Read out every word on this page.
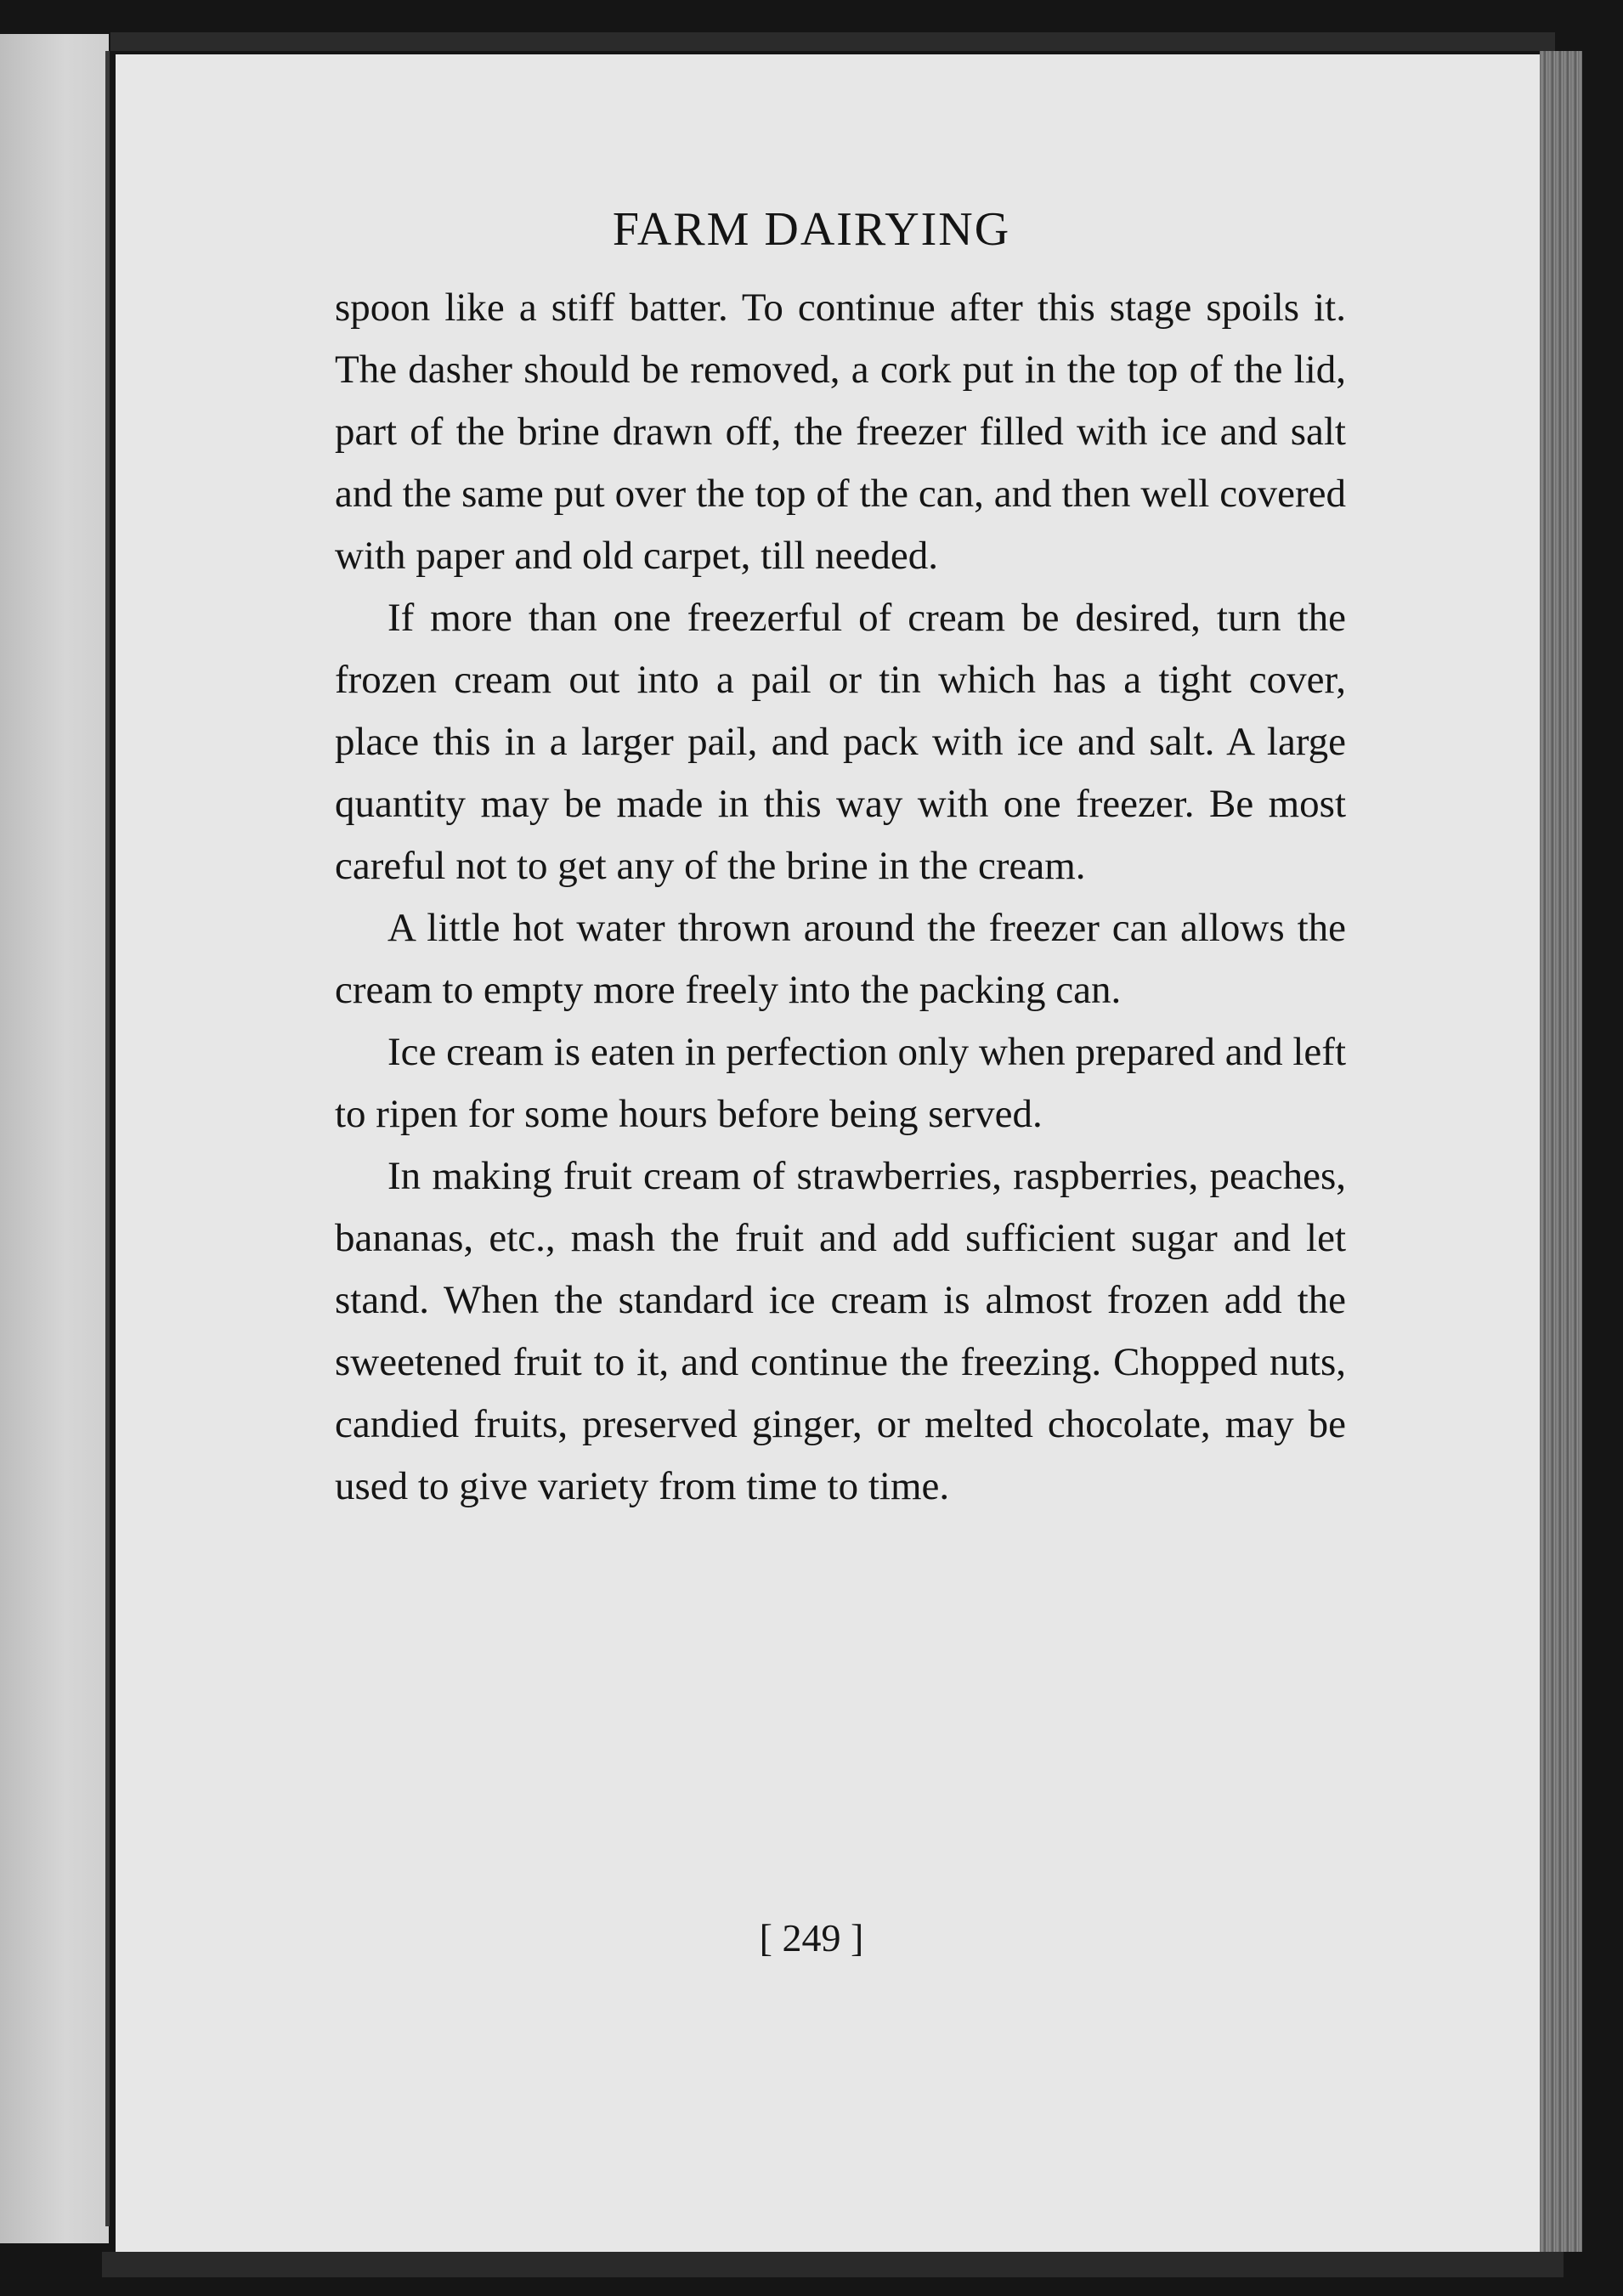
FARM DAIRYING

spoon like a stiff batter. To continue after this stage spoils it. The dasher should be removed, a cork put in the top of the lid, part of the brine drawn off, the freezer filled with ice and salt and the same put over the top of the can, and then well covered with paper and old carpet, till needed.

If more than one freezerful of cream be desired, turn the frozen cream out into a pail or tin which has a tight cover, place this in a larger pail, and pack with ice and salt. A large quantity may be made in this way with one freezer. Be most careful not to get any of the brine in the cream.

A little hot water thrown around the freezer can allows the cream to empty more freely into the packing can.

Ice cream is eaten in perfection only when prepared and left to ripen for some hours before being served.

In making fruit cream of strawberries, raspberries, peaches, bananas, etc., mash the fruit and add sufficient sugar and let stand. When the standard ice cream is almost frozen add the sweetened fruit to it, and continue the freezing. Chopped nuts, candied fruits, preserved ginger, or melted chocolate, may be used to give variety from time to time.

[ 249 ]
